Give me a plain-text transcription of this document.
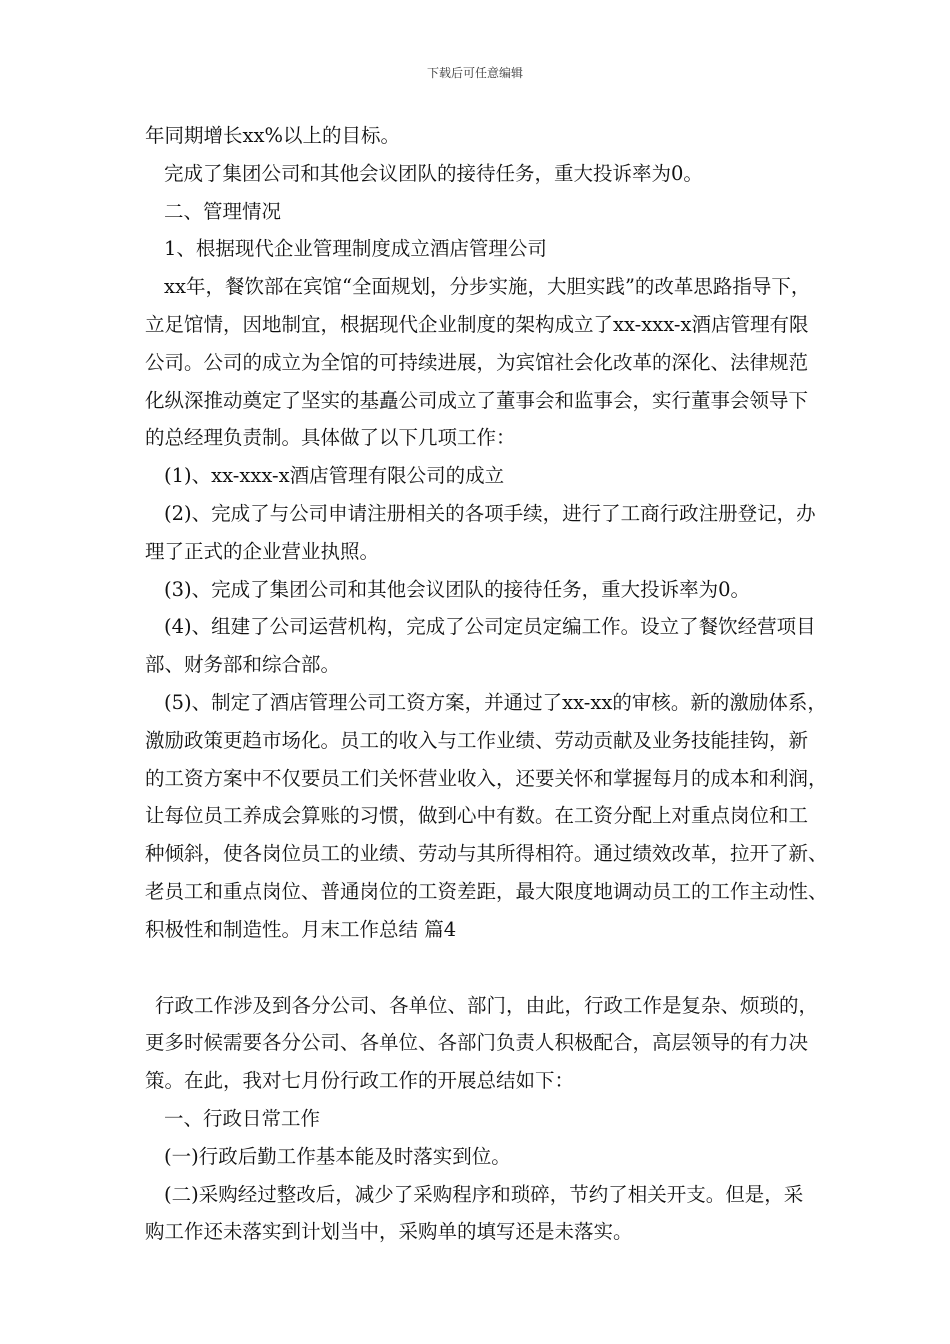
下载后可任意编辑
年同期增长xx%以上的目标。
完成了集团公司和其他会议团队的接待任务，重大投诉率为0。
二、管理情况
1、根据现代企业管理制度成立酒店管理公司
xx年，餐饮部在宾馆“全面规划，分步实施，大胆实践”的改革思路指导下，
立足馆情，因地制宜，根据现代企业制度的架构成立了xx-xxx-x酒店管理有限
公司。公司的成立为全馆的可持续进展，为宾馆社会化改革的深化、法律规范
化纵深推动奠定了坚实的基矗公司成立了董事会和监事会，实行董事会领导下
的总经理负责制。具体做了以下几项工作：
(1)、xx-xxx-x酒店管理有限公司的成立
(2)、完成了与公司申请注册相关的各项手续，进行了工商行政注册登记，办
理了正式的企业营业执照。
(3)、完成了集团公司和其他会议团队的接待任务，重大投诉率为0。
(4)、组建了公司运营机构，完成了公司定员定编工作。设立了餐饮经营项目
部、财务部和综合部。
(5)、制定了酒店管理公司工资方案，并通过了xx-xx的审核。新的激励体系，
激励政策更趋市场化。员工的收入与工作业绩、劳动贡献及业务技能挂钩，新
的工资方案中不仅要员工们关怀营业收入，还要关怀和掌握每月的成本和利润，
让每位员工养成会算账的习惯，做到心中有数。在工资分配上对重点岗位和工
种倾斜，使各岗位员工的业绩、劳动与其所得相符。通过绩效改革，拉开了新、
老员工和重点岗位、普通岗位的工资差距，最大限度地调动员工的工作主动性、
积极性和制造性。月末工作总结 篇4
行政工作涉及到各分公司、各单位、部门，由此，行政工作是复杂、烦琐的，
更多时候需要各分公司、各单位、各部门负责人积极配合，高层领导的有力决
策。在此，我对七月份行政工作的开展总结如下：
一、行政日常工作
(一)行政后勤工作基本能及时落实到位。
(二)采购经过整改后，减少了采购程序和琐碎，节约了相关开支。但是，采
购工作还未落实到计划当中，采购单的填写还是未落实。
